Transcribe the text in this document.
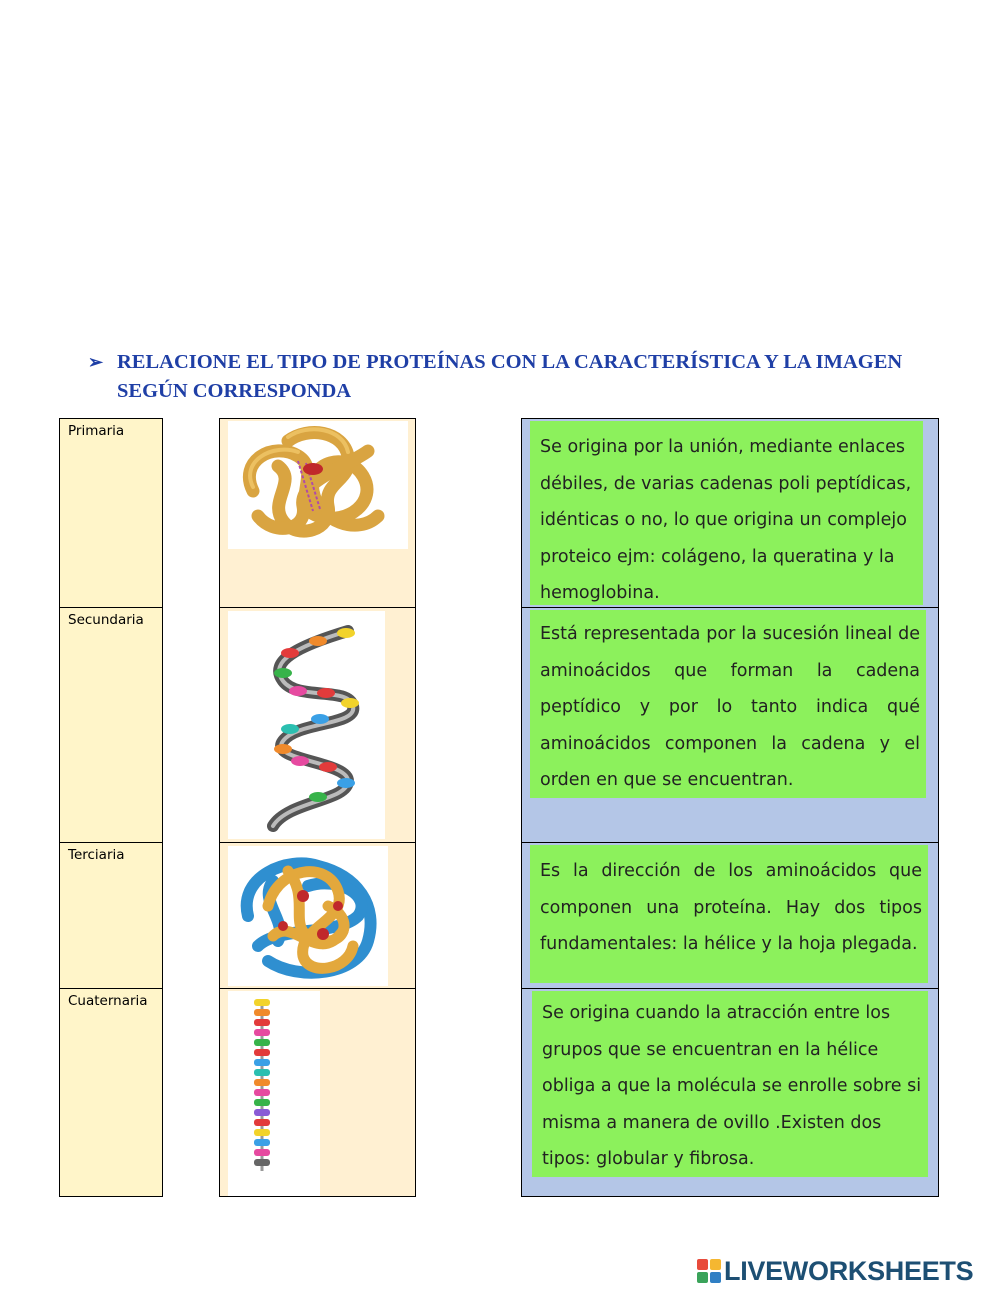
➢ RELACIONE EL TIPO DE PROTEÍNAS CON LA CARACTERÍSTICA Y LA IMAGEN SEGÚN CORRESPONDA
Primaria
Secundaria
Terciaria
Cuaternaria
Se origina por la unión, mediante enlaces débiles, de varias cadenas poli peptídicas, idénticas o no, lo que origina un complejo proteico ejm: colágeno, la queratina y la hemoglobina.
Está representada por la sucesión lineal de aminoácidos que forman la cadena peptídico y por lo tanto indica qué aminoácidos componen la cadena y el orden en que se encuentran.
Es la dirección de los aminoácidos que componen una proteína. Hay dos tipos fundamentales: la hélice y la hoja plegada.
Se origina cuando la atracción entre los grupos que se encuentran en la hélice obliga a que la molécula se enrolle sobre si misma a manera de ovillo .Existen dos tipos: globular y fibrosa.
LIVEWORKSHEETS
